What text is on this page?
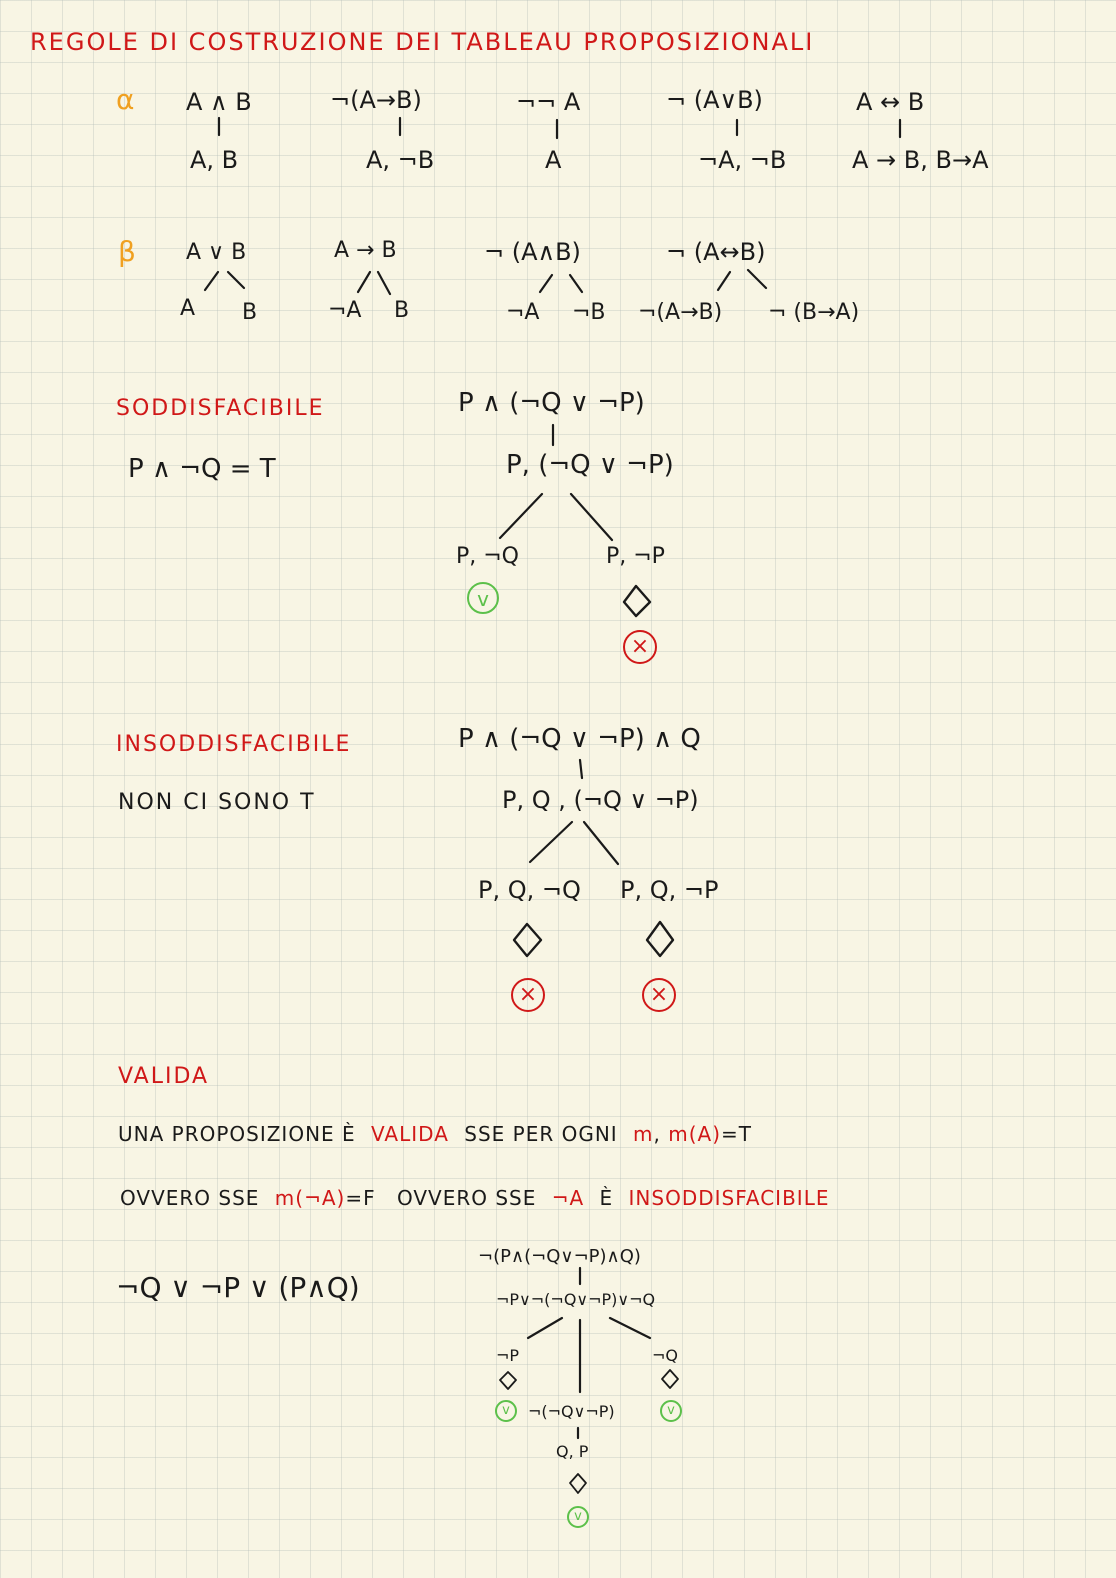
REGOLE DI COSTRUZIONE DEI TABLEAU PROPOSIZIONALI
α A ∧ B
A, B
¬(A→B)
A, ¬B
¬¬ A
A
¬ (A∨B)
¬A, ¬B
A ↔ B
A → B, B→A
β A ∨ B
A B
A → B
¬A B
¬ (A∧B)
¬A ¬B
¬ (A↔B)
¬(A→B) ¬ (B→A)
SODDISFACIBILE
P ∧ ¬Q = T
P ∧ (¬Q ∨ ¬P)
P, (¬Q ∨ ¬P)
P, ¬Q	P, ¬P
INSODDISFACIBILE
NON CI SONO T
P ∧ (¬Q ∨ ¬P) ∧ Q
P, Q , (¬Q ∨ ¬P)
P, Q, ¬Q P, Q, ¬P
VALIDA
UNA PROPOSIZIONE È VALIDA SSE PER OGNI m, m(A)=T
OVVERO SSE m(¬A)=F OVVERO SSE ¬A È INSODDISFACIBILE
¬Q ∨ ¬P ∨ (P∧Q)
¬(P∧(¬Q∨¬P)∧Q)
¬P∨¬(¬Q∨¬P)∨¬Q
¬P	¬Q
¬(¬Q∨¬P)
Q, P
v
×
×	×
v	v
v
